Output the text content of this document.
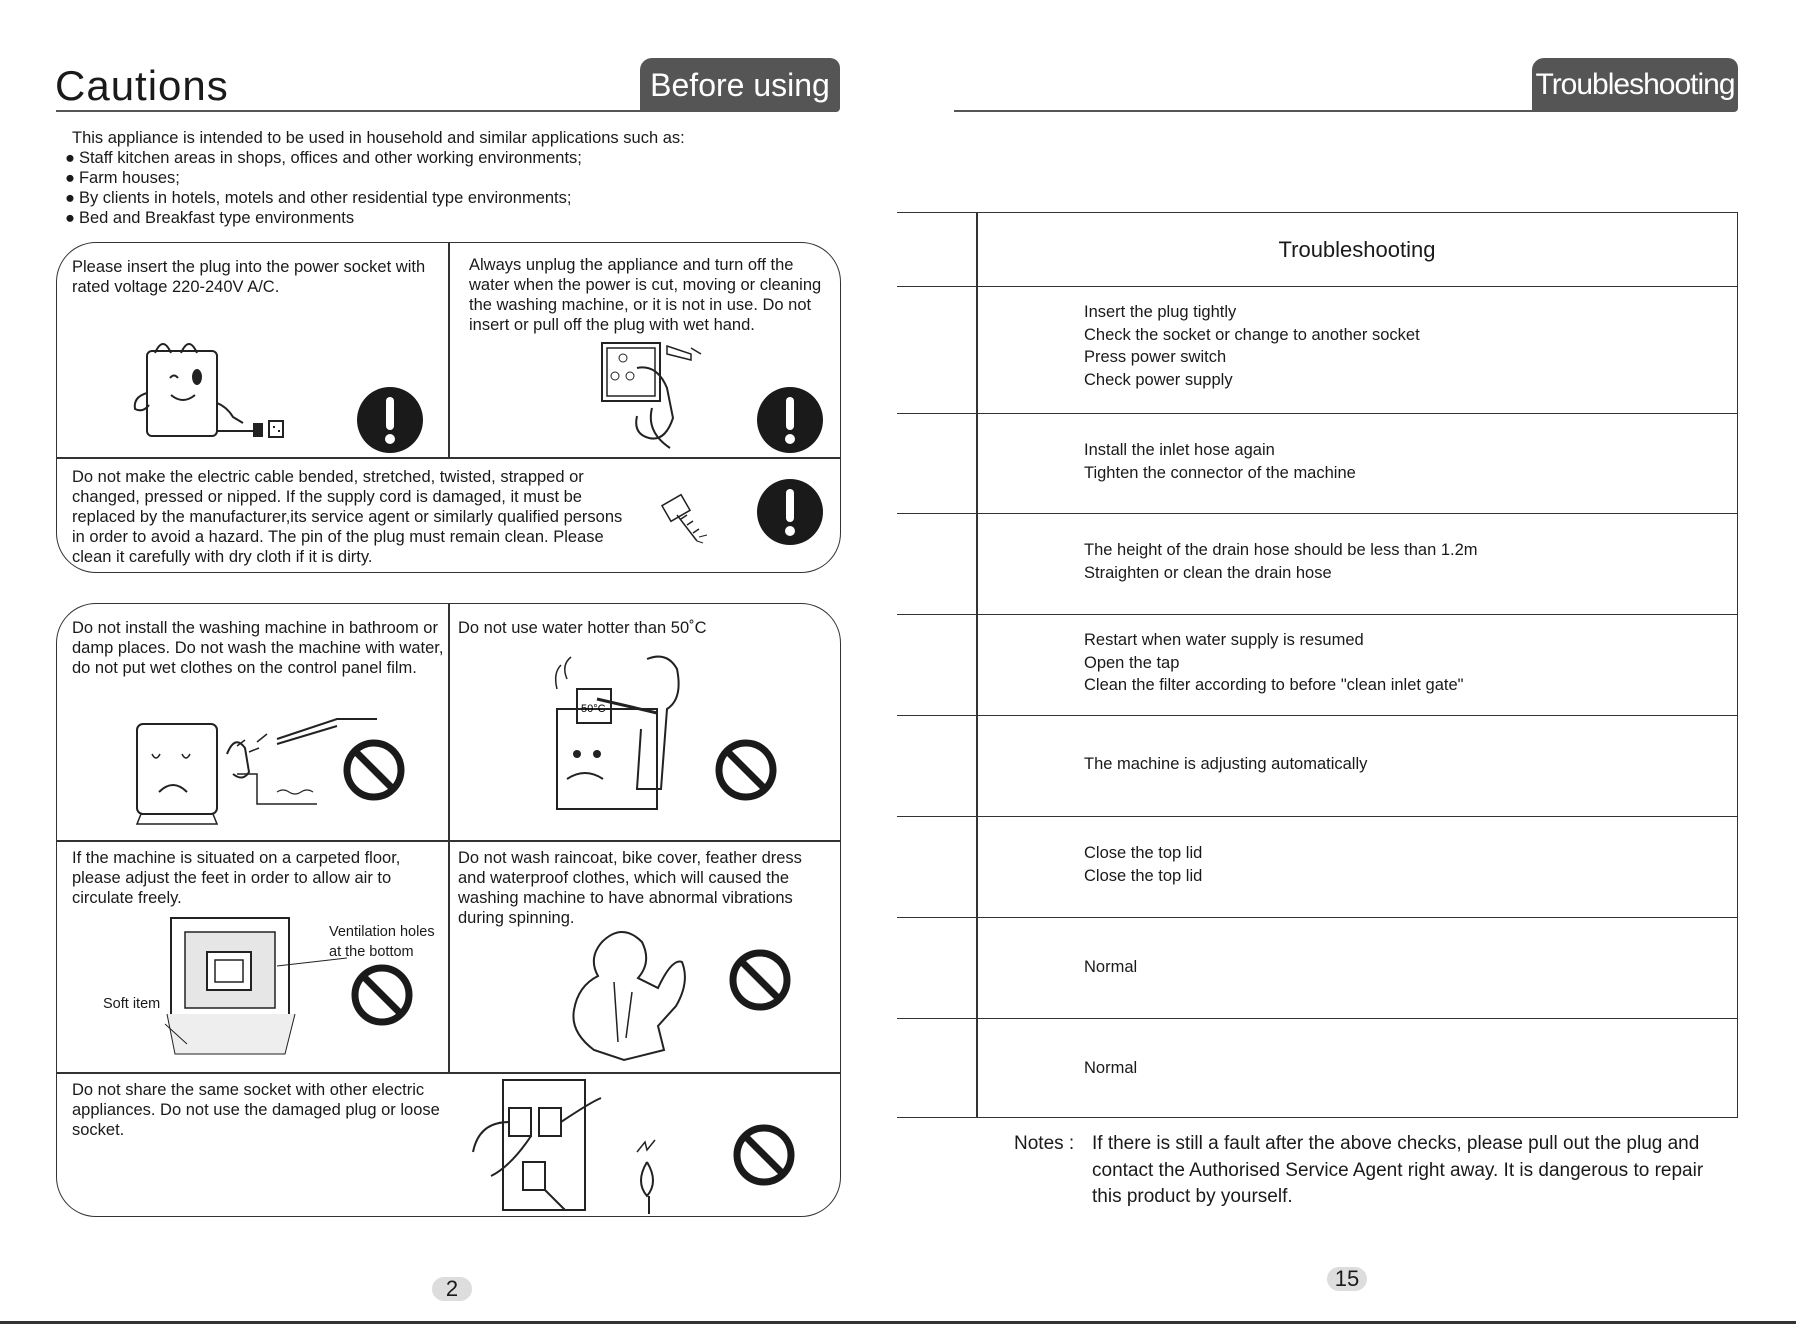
Cautions	Before using
This appliance is intended to be used in household and similar applications such as:
● Staff kitchen areas in shops, offices and other working environments;
● Farm houses;
● By clients in hotels, motels and other residential type environments;
● Bed and Breakfast type environments
Please insert the plug into the power socket with rated voltage 220-240V A/C.
Always unplug the appliance and turn off the water when the power is cut, moving or cleaning the washing machine, or it is not in use. Do not insert or pull off the plug with wet hand.
Do not make the electric cable bended, stretched, twisted, strapped or changed, pressed or nipped. If the supply cord is damaged, it must be replaced by the manufacturer,its service agent or similarly qualified persons in order to avoid a hazard. The pin of the plug must remain clean. Please clean it carefully with dry cloth if it is dirty.
Do not install the washing machine in bathroom or damp places. Do not wash the machine with water, do not put wet clothes on the control panel film.
Do not use water hotter than 50˚C
50°C
If the machine is situated on a carpeted floor, please adjust the feet in order to allow air to circulate freely.
Do not wash raincoat, bike cover, feather dress and waterproof clothes, which will caused the washing machine to have abnormal vibrations during spinning.
Ventilation holes at the bottom
Soft item
Do not share the same socket with other electric appliances. Do not use the damaged plug or loose socket.
2
Troubleshooting
Troubleshooting
Insert the plug tightly
Check the socket or change to another socket
Press power switch
Check power supply
Install the inlet hose again
Tighten the connector of the machine
The height of the drain hose should be less than 1.2m
Straighten or clean the drain hose
Restart when water supply is resumed
Open the tap
Clean the filter according to before "clean inlet gate"
The machine is adjusting automatically
Close the top lid
Close the top lid
Normal
Normal
Notes : If there is still a fault after the above checks, please pull out the plug and
contact the Authorised Service Agent right away. It is dangerous to repair
this product by yourself.
15
